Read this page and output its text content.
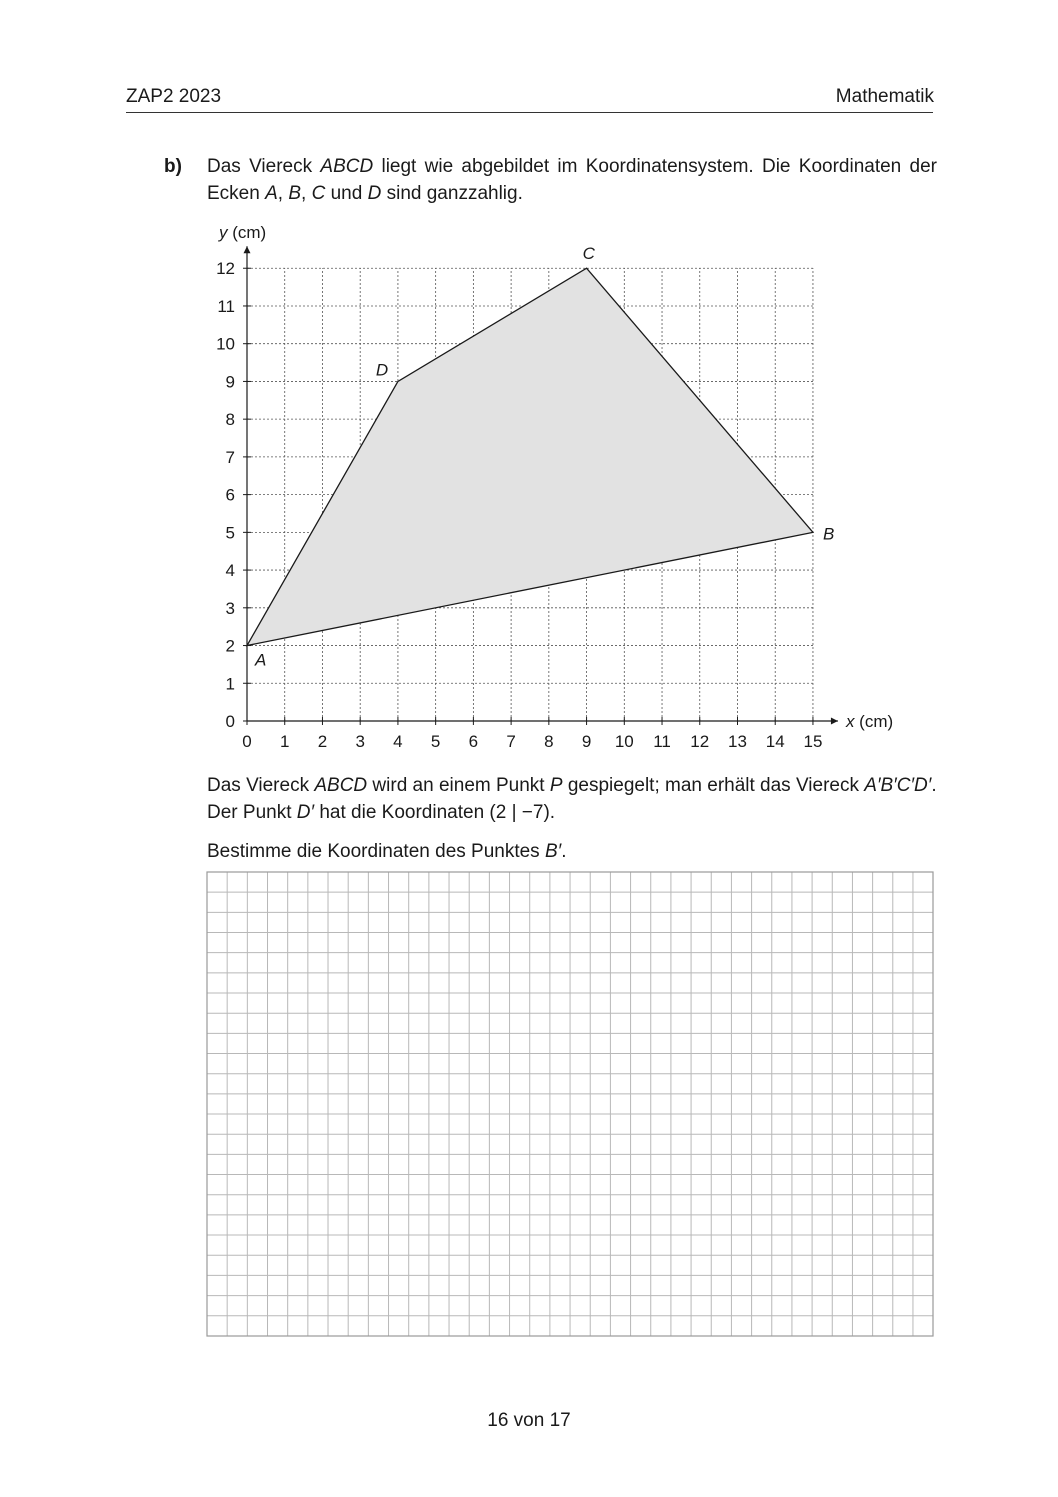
ZAP2 2023	Mathematik
b) Das Viereck ABCD liegt wie abgebildet im Koordinatensystem. Die Koordinaten der Ecken A, B, C und D sind ganzzahlig.
0 1 2 3 4 5 6 7 8 9 10 11 12 13 14 15
0
1
2
3
4
5
6
7
8
9
10
11
12
A
B
C
D
x (cm)
y (cm)
Das Viereck ABCD wird an einem Punkt P gespiegelt; man erhält das Viereck A′B′C′D′. Der Punkt D′ hat die Koordinaten (2 | −7).
Bestimme die Koordinaten des Punktes B′.
16 von 17
